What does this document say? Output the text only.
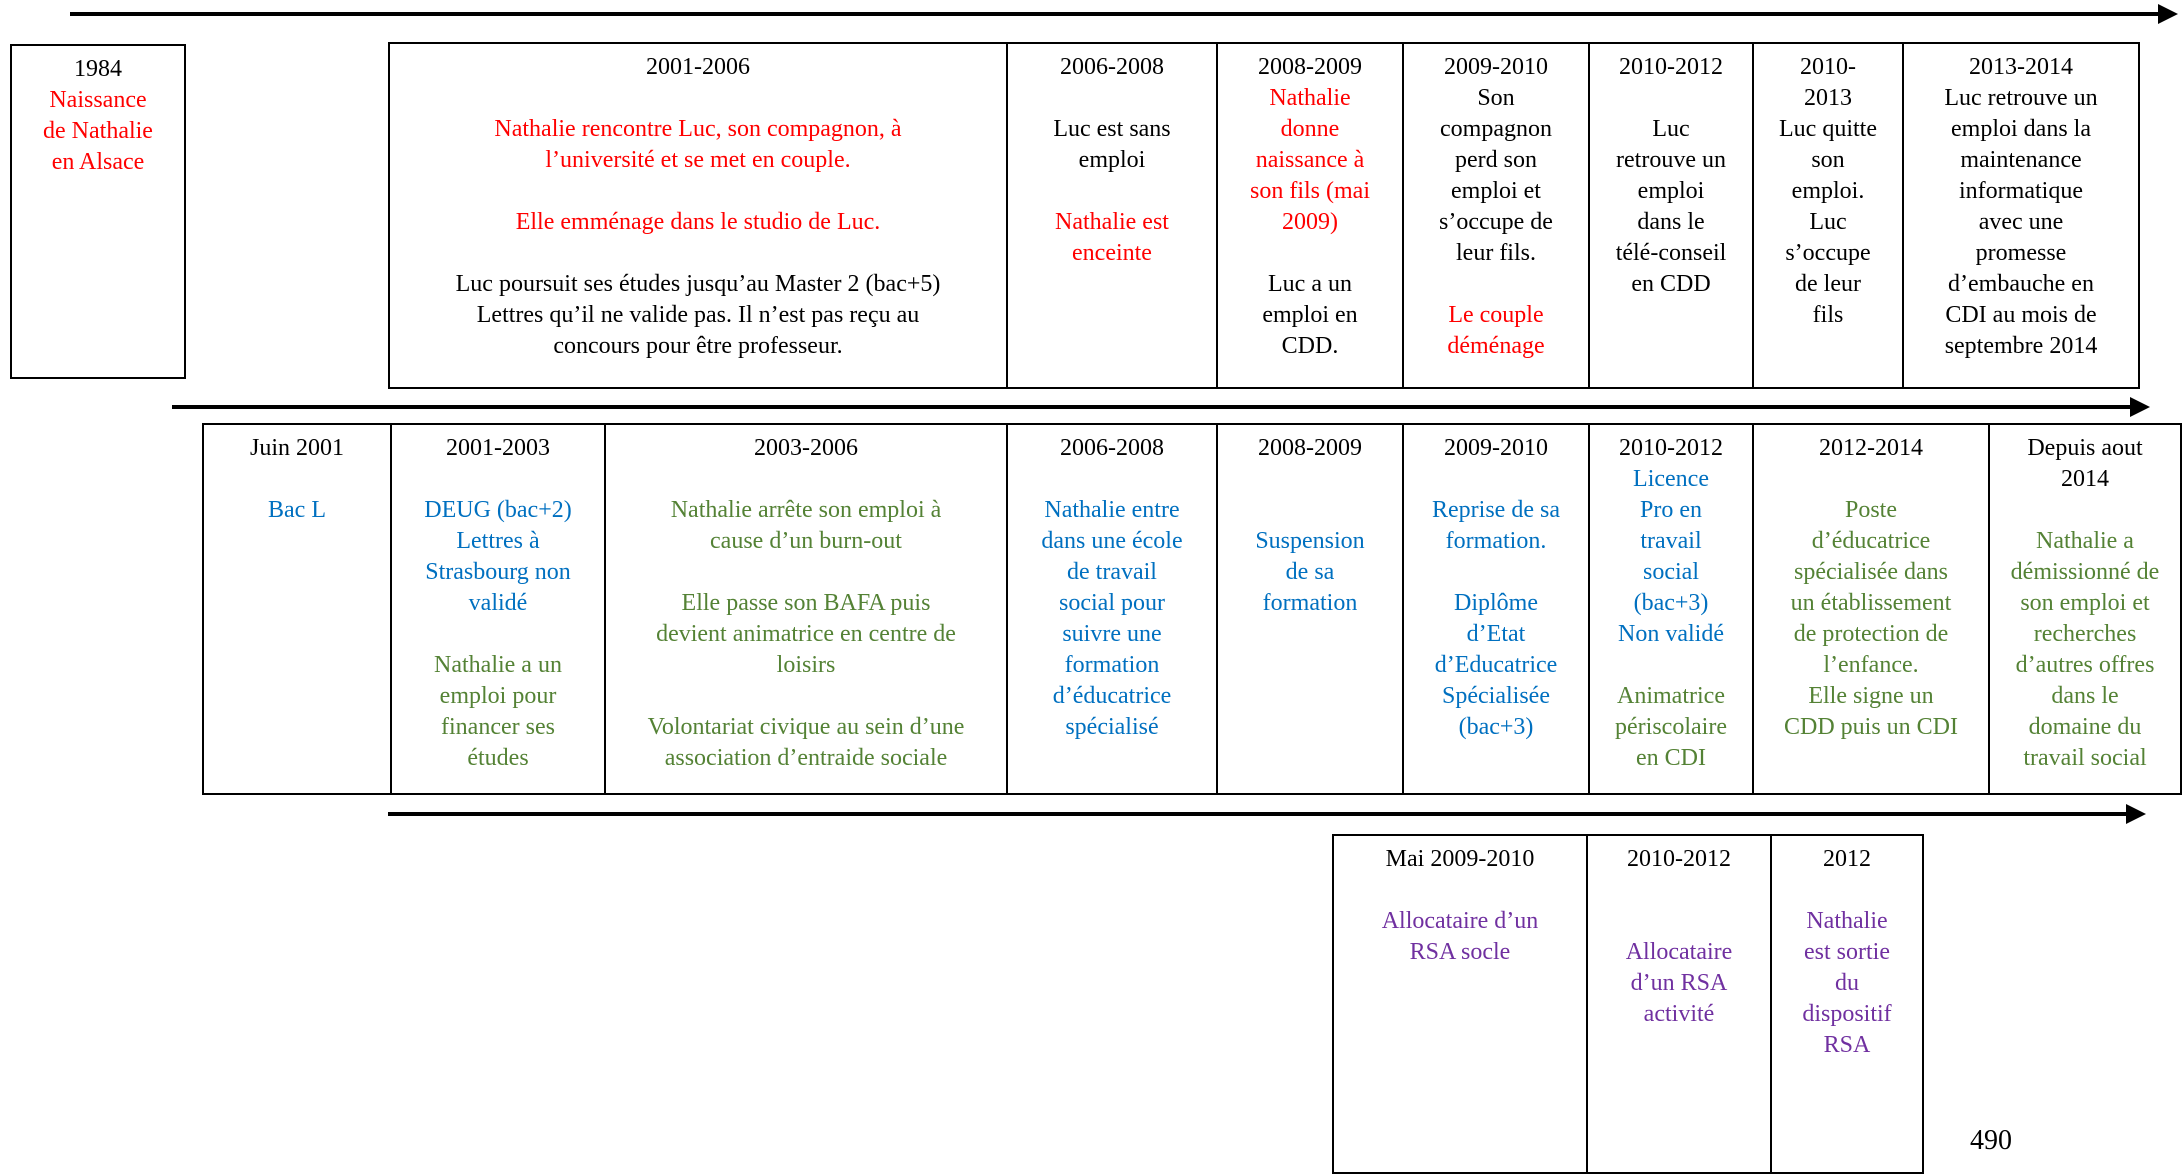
1984
Naissance
de Nathalie
en Alsace
2001-2006
Nathalie rencontre Luc, son compagnon, à
l’université et se met en couple.
Elle emménage dans le studio de Luc.
Luc poursuit ses études jusqu’au Master 2 (bac+5)
Lettres qu’il ne valide pas. Il n’est pas reçu au
concours pour être professeur.
2006-2008
Luc est sans
emploi
Nathalie est
enceinte
2008-2009
Nathalie
donne
naissance à
son fils (mai
2009)
Luc a un
emploi en
CDD.
2009-2010
Son
compagnon
perd son
emploi et
s’occupe de
leur fils.
Le couple
déménage
2010-2012
Luc
retrouve un
emploi
dans le
télé-conseil
en CDD
2010-
2013
Luc quitte
son
emploi.
Luc
s’occupe
de leur
fils
2013-2014
Luc retrouve un
emploi dans la
maintenance
informatique
avec une
promesse
d’embauche en
CDI au mois de
septembre 2014
Juin 2001
Bac L
2001-2003
DEUG (bac+2)
Lettres à
Strasbourg non
validé
Nathalie a un
emploi pour
financer ses
études
2003-2006
Nathalie arrête son emploi à
cause d’un burn-out
Elle passe son BAFA puis
devient animatrice en centre de
loisirs
Volontariat civique au sein d’une
association d’entraide sociale
2006-2008
Nathalie entre
dans une école
de travail
social pour
suivre une
formation
d’éducatrice
spécialisé
2008-2009
Suspension
de sa
formation
2009-2010
Reprise de sa
formation.
Diplôme
d’Etat
d’Educatrice
Spécialisée
(bac+3)
2010-2012
Licence
Pro en
travail
social
(bac+3)
Non validé
Animatrice
périscolaire
en CDI
2012-2014
Poste
d’éducatrice
spécialisée dans
un établissement
de protection de
l’enfance.
Elle signe un
CDD puis un CDI
Depuis aout
2014
Nathalie a
démissionné de
son emploi et
recherches
d’autres offres
dans le
domaine du
travail social
Mai 2009-2010
Allocataire d’un
RSA socle
2010-2012
Allocataire
d’un RSA
activité
2012
Nathalie
est sortie
du
dispositif
RSA
490
